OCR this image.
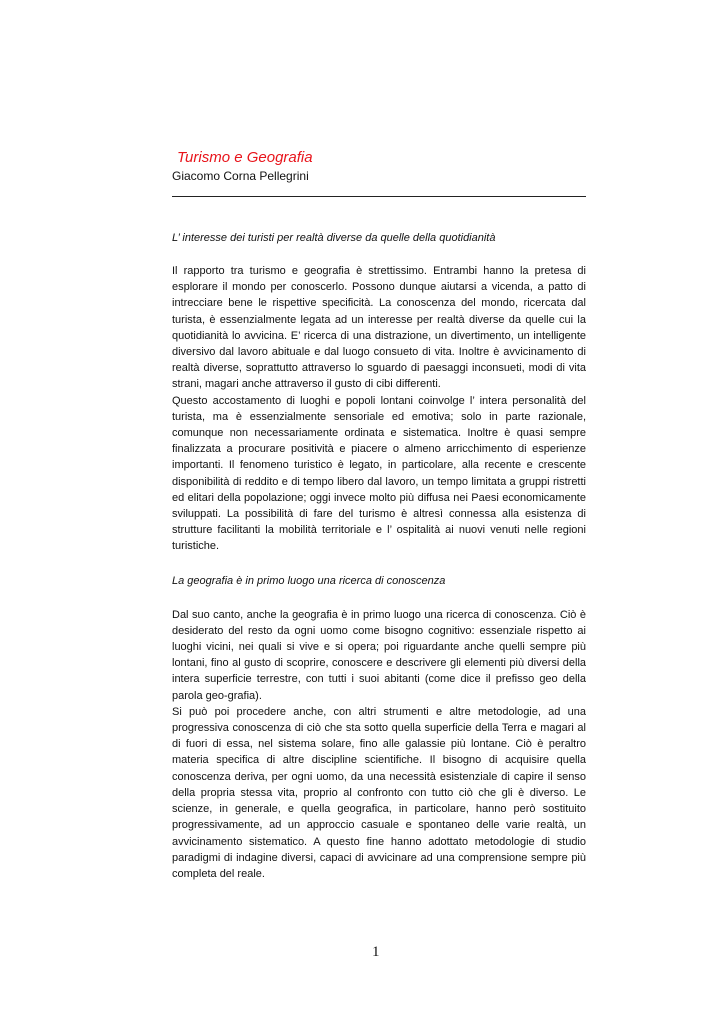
Turismo e Geografia

Giacomo Corna Pellegrini

L’ interesse dei turisti per realtà diverse da quelle della quotidianità

Il rapporto tra turismo e geografia è strettissimo. Entrambi hanno la pretesa di esplorare il mondo per conoscerlo. Possono dunque aiutarsi a vicenda, a patto di intrecciare bene le rispettive specificità. La conoscenza del mondo, ricercata dal turista, è essenzialmente legata ad un interesse per realtà diverse da quelle cui la quotidianità lo avvicina. E’ ricerca di una distrazione, un divertimento, un intelligente diversivo dal lavoro abituale e dal luogo consueto di vita. Inoltre è avvicinamento di realtà diverse, soprattutto attraverso lo sguardo di paesaggi inconsueti, modi di vita strani, magari anche attraverso il gusto di cibi differenti.

Questo accostamento di luoghi e popoli lontani coinvolge l’ intera personalità del turista, ma è essenzialmente sensoriale ed emotiva; solo in parte razionale, comunque non necessariamente ordinata e sistematica. Inoltre è quasi sempre finalizzata a procurare positività e piacere o almeno arricchimento di esperienze importanti. Il fenomeno turistico è legato, in particolare, alla recente e crescente disponibilità di reddito e di tempo libero dal lavoro, un tempo limitata a gruppi ristretti ed elitari della popolazione; oggi invece molto più diffusa nei Paesi economicamente sviluppati. La possibilità di fare del turismo è altresì connessa alla esistenza di strutture facilitanti la mobilità territoriale e l’ ospitalità ai nuovi venuti nelle regioni turistiche.

La geografia è in primo luogo una ricerca di conoscenza

Dal suo canto, anche la geografia è in primo luogo una ricerca di conoscenza. Ciò è desiderato del resto da ogni uomo come bisogno cognitivo: essenziale rispetto ai luoghi vicini, nei quali si vive e si opera; poi riguardante anche quelli sempre più lontani, fino al gusto di scoprire, conoscere e descrivere gli elementi più diversi della intera superficie terrestre, con tutti i suoi abitanti (come dice il prefisso geo della parola geo-grafia).

Si può poi procedere anche, con altri strumenti e altre metodologie, ad una progressiva conoscenza di ciò che sta sotto quella superficie della Terra e magari al di fuori di essa, nel sistema solare, fino alle galassie più lontane. Ciò è peraltro materia specifica di altre discipline scientifiche. Il bisogno di acquisire quella conoscenza deriva, per ogni uomo, da una necessità esistenziale di capire il senso della propria stessa vita, proprio al confronto con tutto ciò che gli è diverso. Le scienze, in generale, e quella geografica, in particolare, hanno però sostituito progressivamente, ad un approccio casuale e spontaneo delle varie realtà, un avvicinamento sistematico. A questo fine hanno adottato metodologie di studio paradigmi di indagine diversi, capaci di avvicinare ad una comprensione sempre più completa del reale.

1
